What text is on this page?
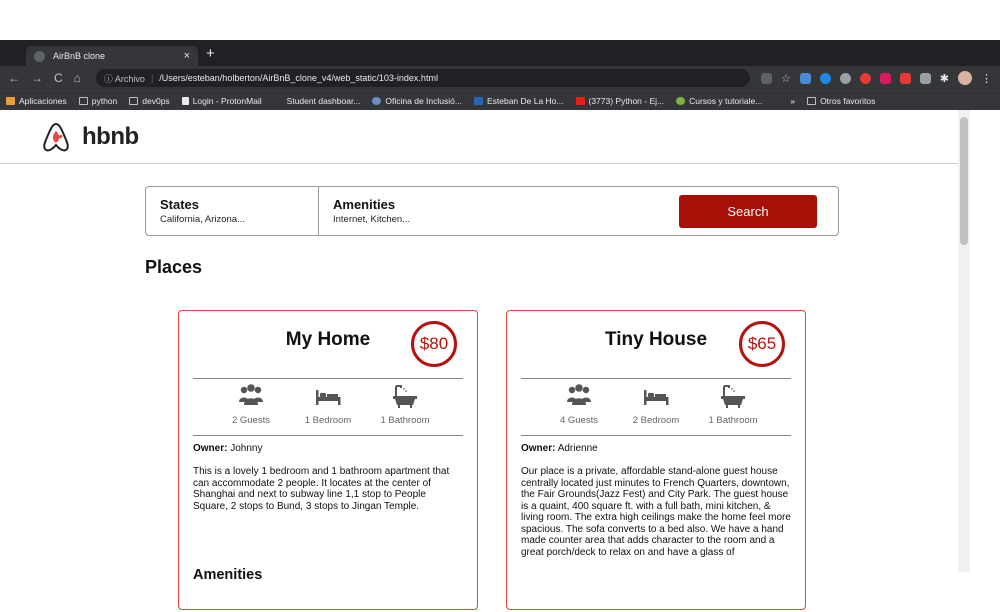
AirBnB clone	× +
← → C ⌂	ⓘ Archivo | /Users/esteban/holberton/AirBnB_clone_v4/web_static/103-index.html	☆	✱	⋮
Aplicaciones	python	dev0ps	Login - ProtonMail	Student dashboar...	Oficina de Inclusió...	Esteban De La Ho...	(3773) Python - Ej...	Cursos y tutoriale...	»	Otros favoritos
hbnb
States
California, Arizona...
Amenities
Internet, Kitchen...
Search
Places
My Home	$80
2 Guests	1 Bedroom	1 Bathroom
Owner: Johnny

This is a lovely 1 bedroom and 1 bathroom apartment that can accommodate 2 people. It locates at the center of Shanghai and next to subway line 1,1 stop to People Square, 2 stops to Bund, 3 stops to Jingan Temple.

Amenities
Tiny House	$65
4 Guests	2 Bedroom	1 Bathroom
Owner: Adrienne

Our place is a private, affordable stand-alone guest house centrally located just minutes to French Quarters, downtown, the Fair Grounds(Jazz Fest) and City Park. The guest house is a quaint, 400 square ft. with a full bath, mini kitchen, & living room. The extra high ceilings make the home feel more spacious. The sofa converts to a bed also. We have a hand made counter area that adds character to the room and a great porch/deck to relax on and have a glass of
